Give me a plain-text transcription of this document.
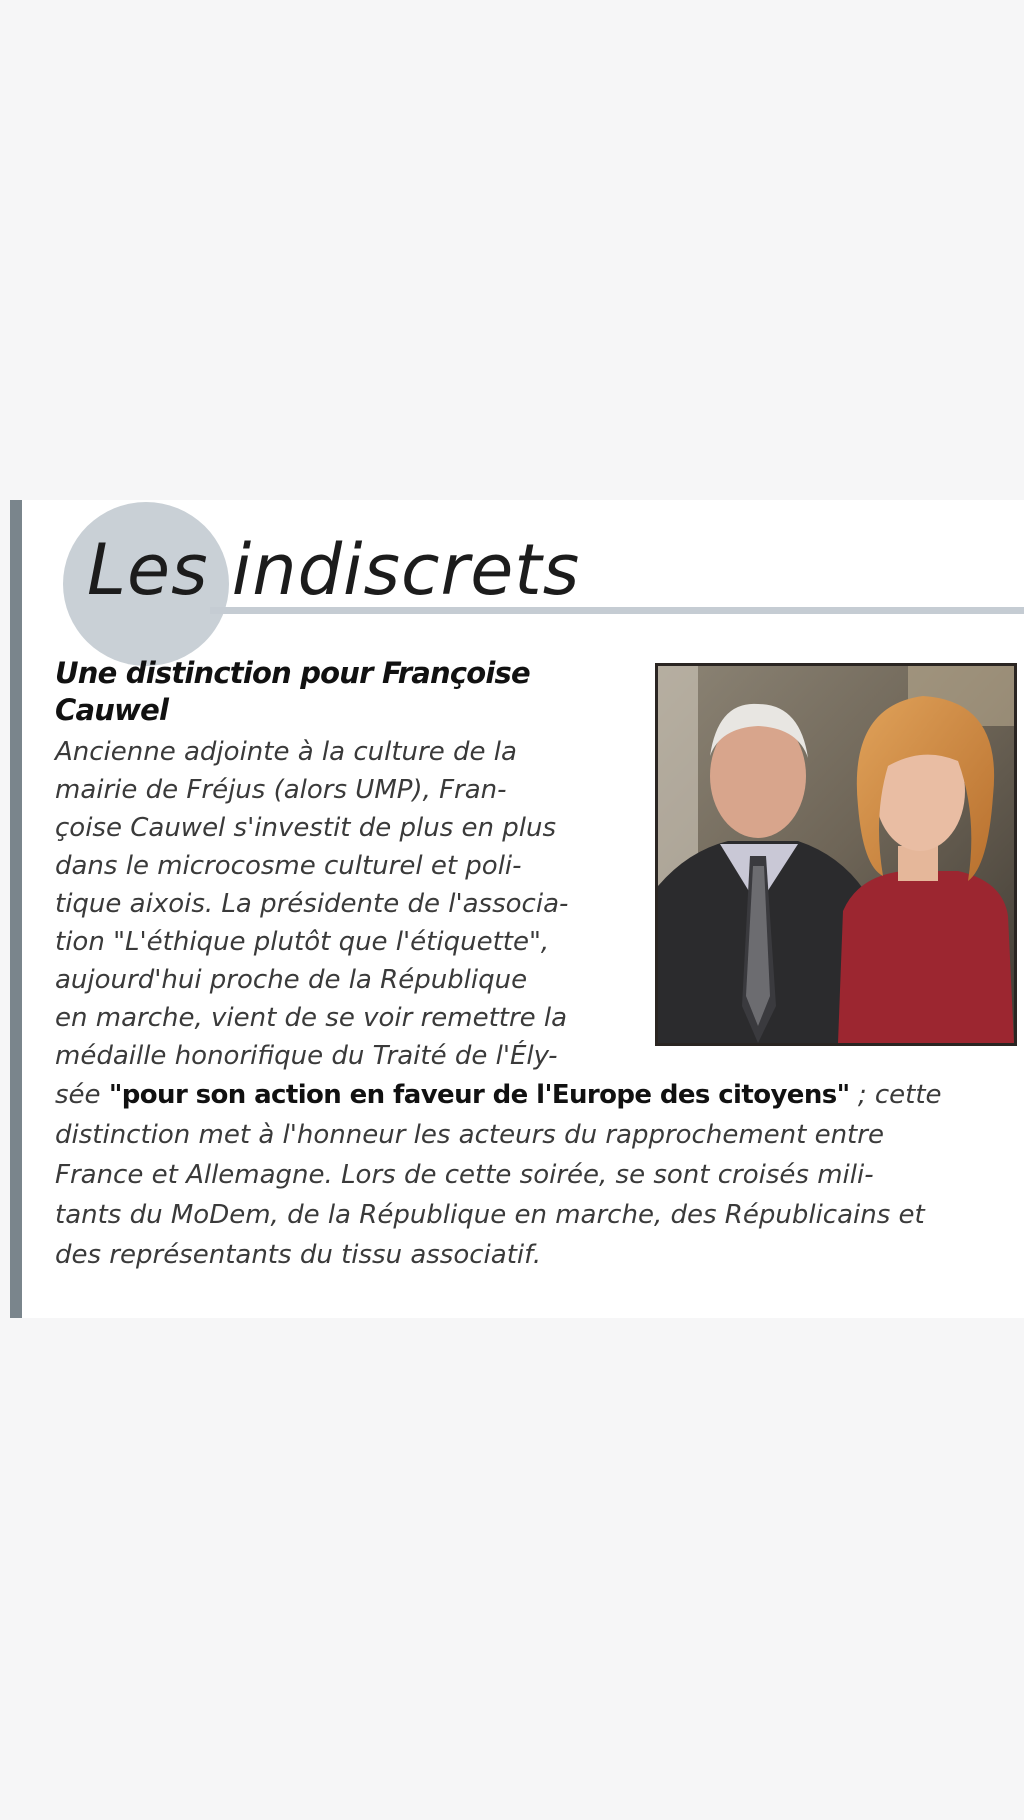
Les indiscrets
Une distinction pour Françoise Cauwel
Ancienne adjointe à la culture de la
mairie de Fréjus (alors UMP), Fran-
çoise Cauwel s'investit de plus en plus
dans le microcosme culturel et poli-
tique aixois. La présidente de l'associa-
tion "L'éthique plutôt que l'étiquette",
aujourd'hui proche de la République
en marche, vient de se voir remettre la
médaille honorifique du Traité de l'Ély-
sée "pour son action en faveur de l'Europe des citoyens" ; cette
distinction met à l'honneur les acteurs du rapprochement entre
France et Allemagne. Lors de cette soirée, se sont croisés mili-
tants du MoDem, de la République en marche, des Républicains et
des représentants du tissu associatif.
